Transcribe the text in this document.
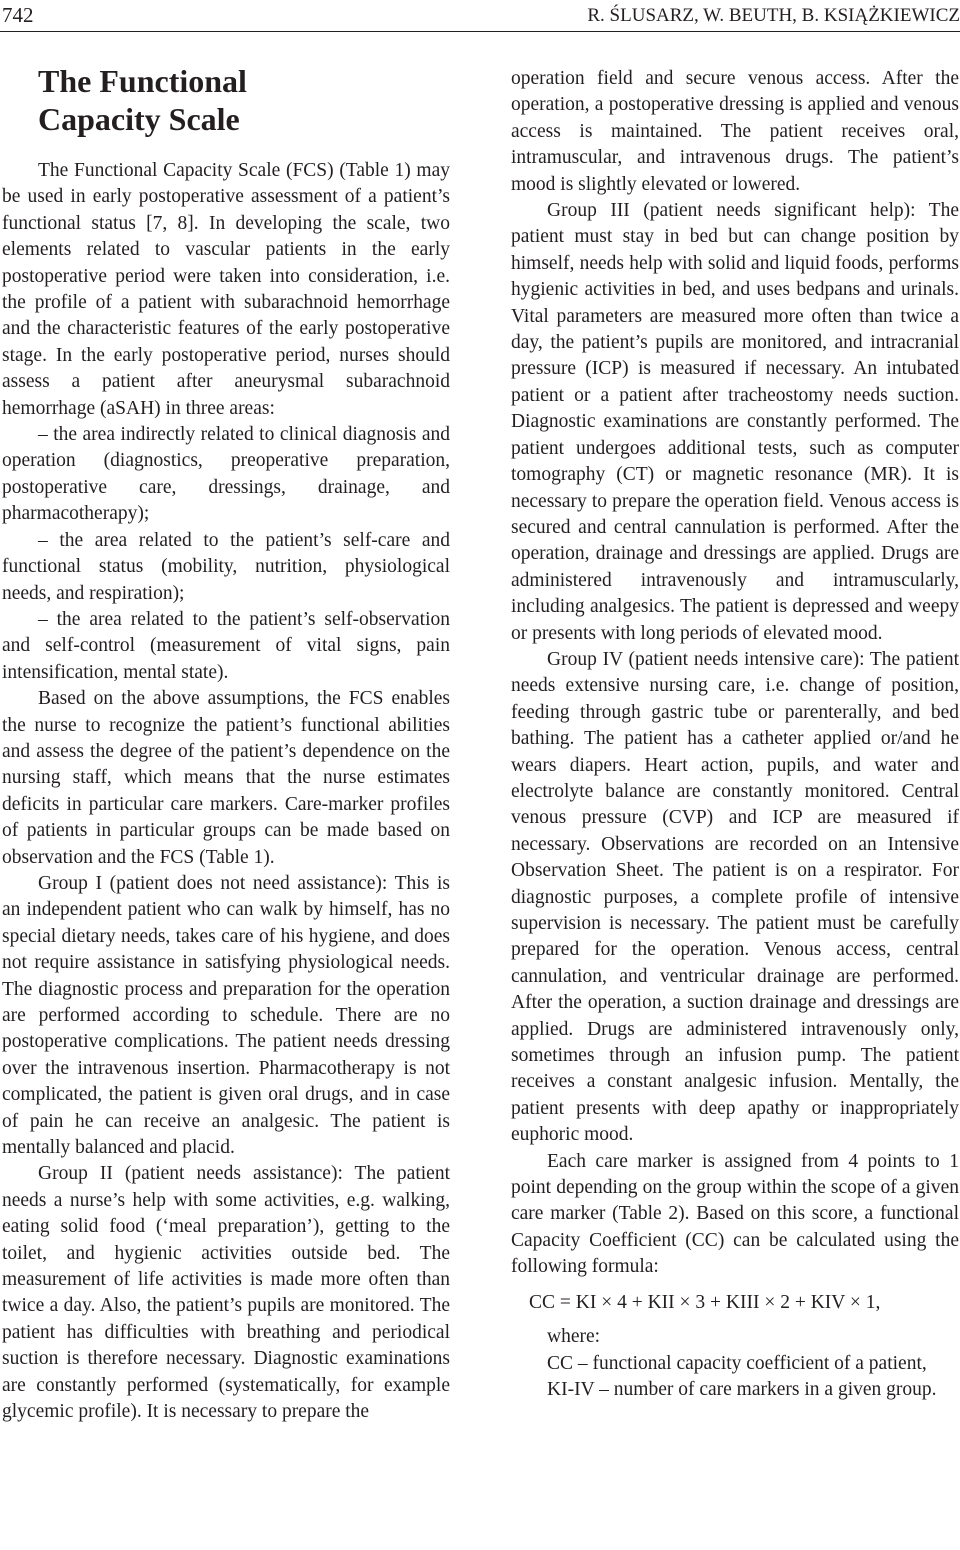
742	R. ŚLUSARZ, W. BEUTH, B. KSIĄŻKIEWICZ
The Functional Capacity Scale

The Functional Capacity Scale (FCS) (Table 1) may be used in early postoperative assessment of a patient’s functional status [7, 8]. In developing the scale, two elements related to vascular patients in the early postoperative period were taken into consideration, i.e. the profile of a patient with subarachnoid hemorrhage and the characteristic features of the early postoperative stage. In the early postoperative period, nurses should assess a patient after aneurysmal subarachnoid hemorrhage (aSAH) in three areas:

– the area indirectly related to clinical diagnosis and operation (diagnostics, preoperative preparation, postoperative care, dressings, drainage, and pharmacotherapy);

– the area related to the patient’s self-care and functional status (mobility, nutrition, physiological needs, and respiration);

– the area related to the patient’s self-observation and self-control (measurement of vital signs, pain intensification, mental state).

Based on the above assumptions, the FCS enables the nurse to recognize the patient’s functional abilities and assess the degree of the patient’s dependence on the nursing staff, which means that the nurse estimates deficits in particular care markers. Care-marker profiles of patients in particular groups can be made based on observation and the FCS (Table 1).

Group I (patient does not need assistance): This is an independent patient who can walk by himself, has no special dietary needs, takes care of his hygiene, and does not require assistance in satisfying physiological needs. The diagnostic process and preparation for the operation are performed according to schedule. There are no postoperative complications. The patient needs dressing over the intravenous insertion. Pharmacotherapy is not complicated, the patient is given oral drugs, and in case of pain he can receive an analgesic. The patient is mentally balanced and placid.

Group II (patient needs assistance): The patient needs a nurse’s help with some activities, e.g. walking, eating solid food (‘meal preparation’), getting to the toilet, and hygienic activities outside bed. The measurement of life activities is made more often than twice a day. Also, the patient’s pupils are monitored. The patient has difficulties with breathing and periodical suction is therefore necessary. Diagnostic examinations are constantly performed (systematically, for example glycemic profile). It is necessary to prepare the

operation field and secure venous access. After the operation, a postoperative dressing is applied and venous access is maintained. The patient receives oral, intramuscular, and intravenous drugs. The patient’s mood is slightly elevated or lowered.

Group III (patient needs significant help): The patient must stay in bed but can change position by himself, needs help with solid and liquid foods, performs hygienic activities in bed, and uses bedpans and urinals. Vital parameters are measured more often than twice a day, the patient’s pupils are monitored, and intracranial pressure (ICP) is measured if necessary. An intubated patient or a patient after tracheostomy needs suction. Diagnostic examinations are constantly performed. The patient undergoes additional tests, such as computer tomography (CT) or magnetic resonance (MR). It is necessary to prepare the operation field. Venous access is secured and central cannulation is performed. After the operation, drainage and dressings are applied. Drugs are administered intravenously and intramuscularly, including analgesics. The patient is depressed and weepy or presents with long periods of elevated mood.

Group IV (patient needs intensive care): The patient needs extensive nursing care, i.e. change of position, feeding through gastric tube or parenterally, and bed bathing. The patient has a catheter applied or/and he wears diapers. Heart action, pupils, and water and electrolyte balance are constantly monitored. Central venous pressure (CVP) and ICP are measured if necessary. Observations are recorded on an Intensive Observation Sheet. The patient is on a respirator. For diagnostic purposes, a complete profile of intensive supervision is necessary. The patient must be carefully prepared for the operation. Venous access, central cannulation, and ventricular drainage are performed. After the operation, a suction drainage and dressings are applied. Drugs are administered intravenously only, sometimes through an infusion pump. The patient receives a constant analgesic infusion. Mentally, the patient presents with deep apathy or inappropriately euphoric mood.

Each care marker is assigned from 4 points to 1 point depending on the group within the scope of a given care marker (Table 2). Based on this score, a functional Capacity Coefficient (CC) can be calculated using the following formula:

CC = KI × 4 + KII × 3 + KIII × 2 + KIV × 1,

where:

CC – functional capacity coefficient of a patient,

KI-IV – number of care markers in a given group.
